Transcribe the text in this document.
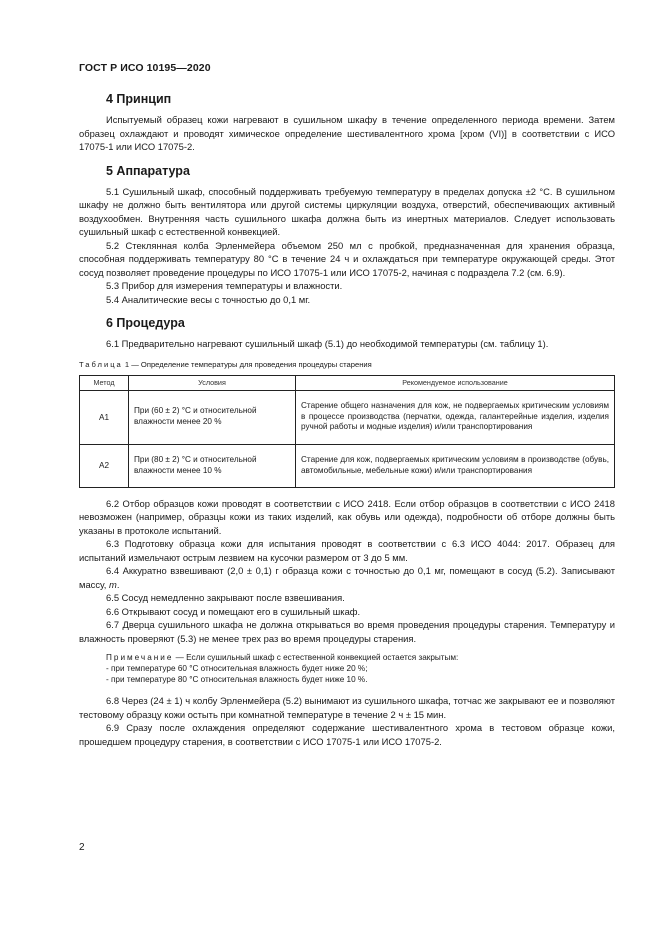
ГОСТ Р ИСО 10195—2020
4 Принцип

Испытуемый образец кожи нагревают в сушильном шкафу в течение определенного периода времени. Затем образец охлаждают и проводят химическое определение шестивалентного хрома [хром (VI)] в соответствии с ИСО 17075-1 или ИСО 17075-2.

5 Аппаратура

5.1 Сушильный шкаф, способный поддерживать требуемую температуру в пределах допуска ±2 °С. В сушильном шкафу не должно быть вентилятора или другой системы циркуляции воздуха, отверстий, обеспечивающих активный воздухообмен. Внутренняя часть сушильного шкафа должна быть из инертных материалов. Следует использовать сушильный шкаф с естественной конвекцией.

5.2 Стеклянная колба Эрленмейера объемом 250 мл с пробкой, предназначенная для хранения образца, способная поддерживать температуру 80 °С в течение 24 ч и охлаждаться при температуре окружающей среды. Этот сосуд позволяет проведение процедуры по ИСО 17075-1 или ИСО 17075-2, начиная с подраздела 7.2 (см. 6.9).

5.3 Прибор для измерения температуры и влажности.

5.4 Аналитические весы с точностью до 0,1 мг.

6 Процедура

6.1 Предварительно нагревают сушильный шкаф (5.1) до необходимой температуры (см. таблицу 1).

Таблица 1 — Определение температуры для проведения процедуры старения
Метод	Условия	Рекомендуемое использование
A1	При (60 ± 2) °С и относительной влажности менее 20 %	Старение общего назначения для кож, не подвергаемых критическим условиям в процессе производства (перчатки, одежда, галантерейные изделия, изделия ручной работы и модные изделия) и/или транспортирования
A2	При (80 ± 2) °С и относительной влажности менее 10 %	Старение для кож, подвергаемых критическим условиям в производстве (обувь, автомобильные, мебельные кожи) и/или транспортирования

6.2 Отбор образцов кожи проводят в соответствии с ИСО 2418. Если отбор образцов в соответствии с ИСО 2418 невозможен (например, образцы кожи из таких изделий, как обувь или одежда), подробности об отборе должны быть указаны в протоколе испытаний.

6.3 Подготовку образца кожи для испытания проводят в соответствии с 6.3 ИСО 4044: 2017. Образец для испытаний измельчают острым лезвием на кусочки размером от 3 до 5 мм.

6.4 Аккуратно взвешивают (2,0 ± 0,1) г образца кожи с точностью до 0,1 мг, помещают в сосуд (5.2). Записывают массу, m.

6.5 Сосуд немедленно закрывают после взвешивания.

6.6 Открывают сосуд и помещают его в сушильный шкаф.

6.7 Дверца сушильного шкафа не должна открываться во время проведения процедуры старения. Температуру и влажность проверяют (5.3) не менее трех раз во время процедуры старения.

Примечание — Если сушильный шкаф с естественной конвекцией остается закрытым:

- при температуре 60 °С относительная влажность будет ниже 20 %;

- при температуре 80 °С относительная влажность будет ниже 10 %.

6.8 Через (24 ± 1) ч колбу Эрленмейера (5.2) вынимают из сушильного шкафа, тотчас же закрывают ее и позволяют тестовому образцу кожи остыть при комнатной температуре в течение 2 ч ± 15 мин.

6.9 Сразу после охлаждения определяют содержание шестивалентного хрома в тестовом образце кожи, прошедшем процедуру старения, в соответствии с ИСО 17075-1 или ИСО 17075-2.

2
